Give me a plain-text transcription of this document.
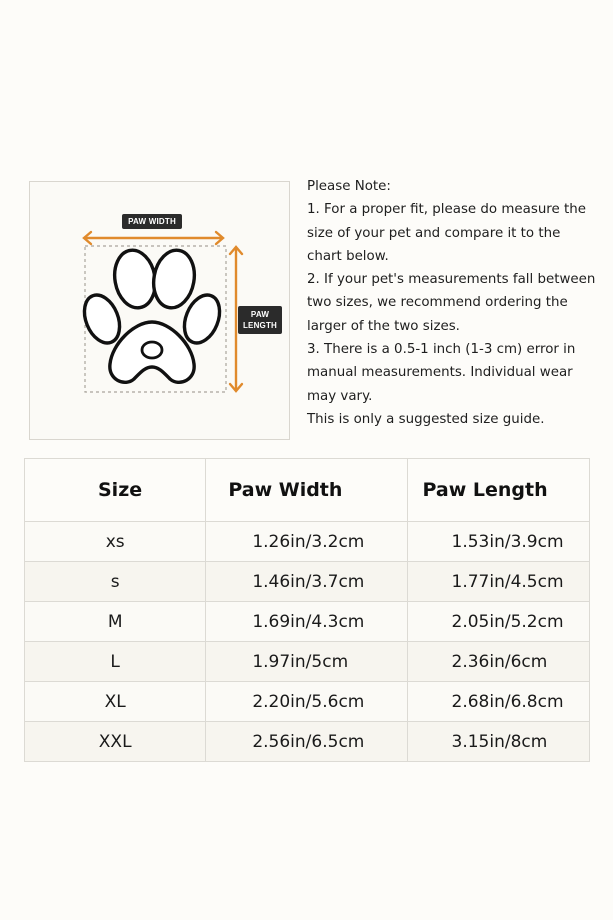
PAW WIDTH
PAW
LENGTH

Please Note:

1. For a proper fit, please do measure the size of your pet and compare it to the chart below.

2. If your pet's measurements fall between two sizes, we recommend ordering the larger of the two sizes.

3. There is a 0.5-1 inch (1-3 cm) error in manual measurements. Individual wear may vary.

This is only a suggested size guide.

Size	Paw Width	Paw Length
xs	1.26in/3.2cm	1.53in/3.9cm
s	1.46in/3.7cm	1.77in/4.5cm
M	1.69in/4.3cm	2.05in/5.2cm
L	1.97in/5cm	2.36in/6cm
XL	2.20in/5.6cm	2.68in/6.8cm
XXL	2.56in/6.5cm	3.15in/8cm
